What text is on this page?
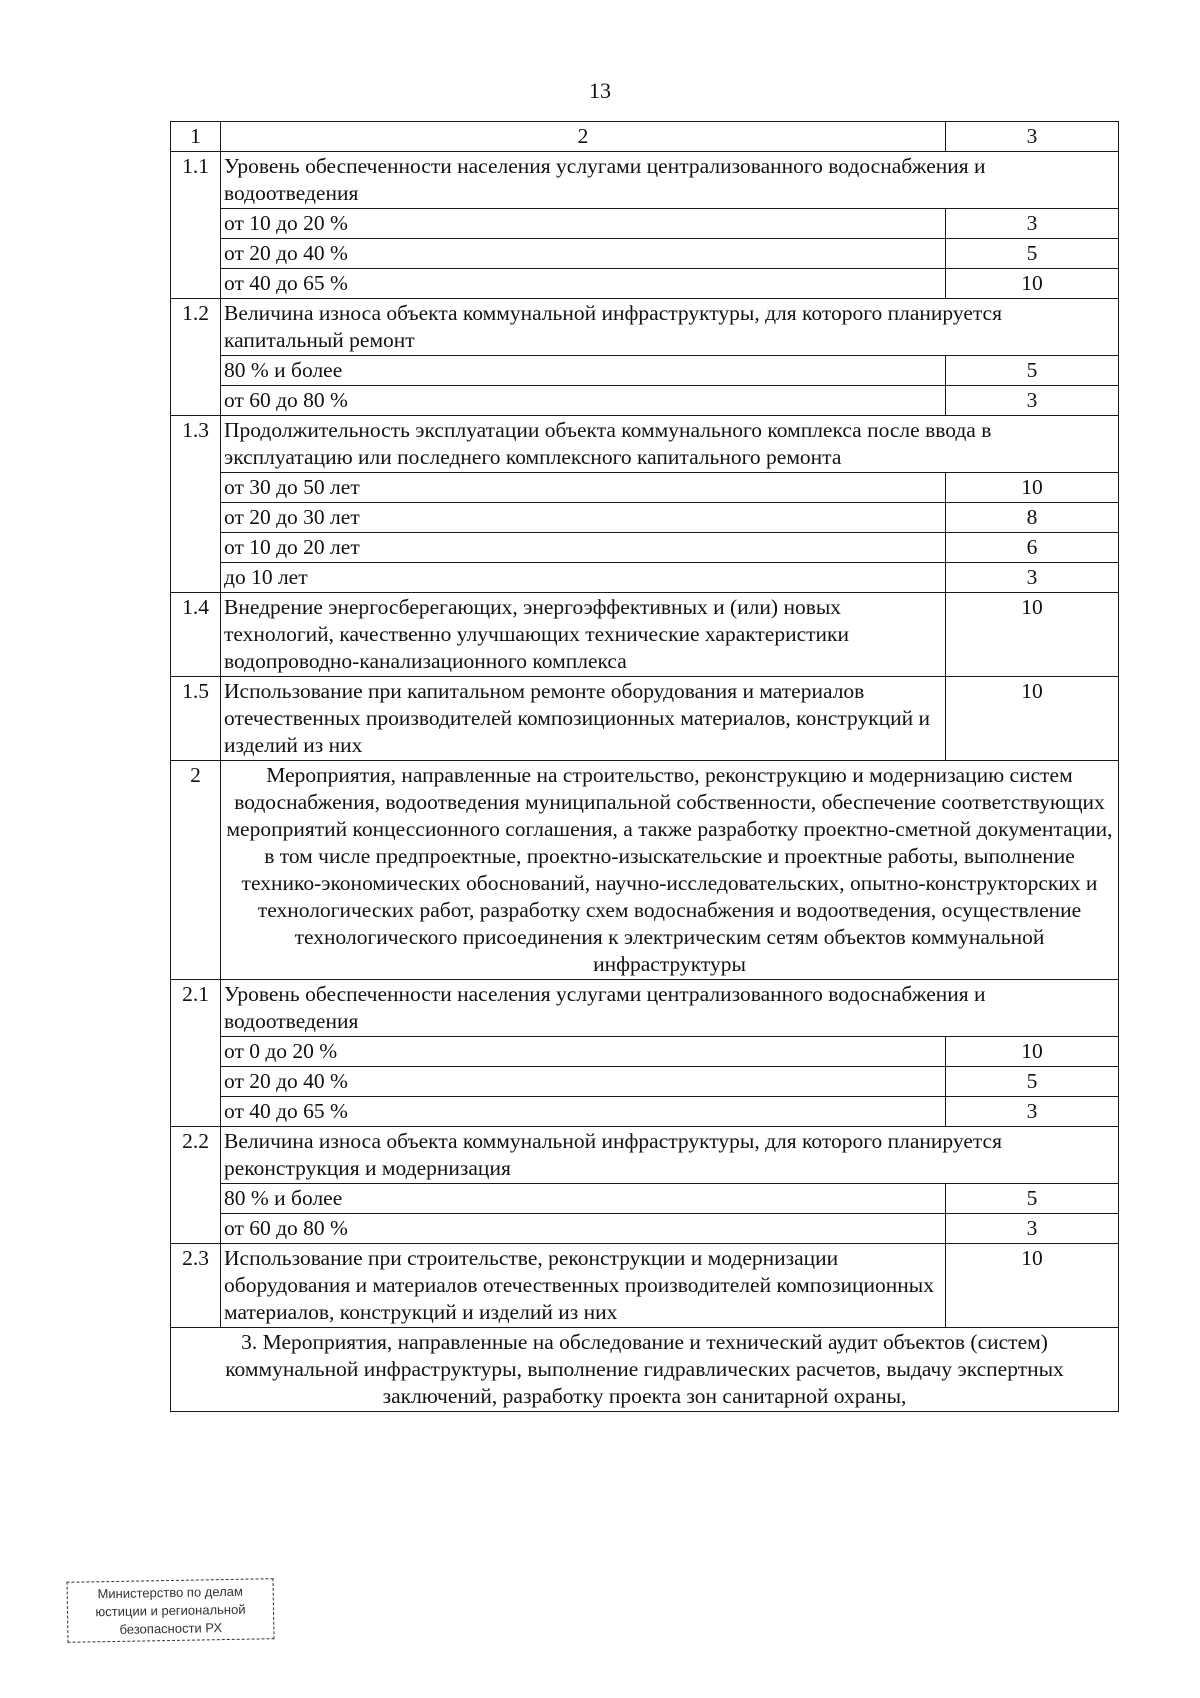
13
1	2	3
1.1	Уровень обеспеченности населения услугами централизованного водоснабжения и водоотведения	
	от 10 до 20 %	3
	от 20 до 40 %	5
	от 40 до 65 %	10
1.2	Величина износа объекта коммунальной инфраструктуры, для которого планируется капитальный ремонт	
	80 % и более	5
	от 60 до 80 %	3
1.3	Продолжительность эксплуатации объекта коммунального комплекса после ввода в эксплуатацию или последнего комплексного капитального ремонта	
	от 30 до 50 лет	10
	от 20 до 30 лет	8
	от 10 до 20 лет	6
	до 10 лет	3
1.4	Внедрение энергосберегающих, энергоэффективных и (или) новых технологий, качественно улучшающих технические характеристики водопроводно-канализационного комплекса	10
1.5	Использование при капитальном ремонте оборудования и материалов отечественных производителей композиционных материалов, конструкций и изделий из них	10
2	Мероприятия, направленные на строительство, реконструкцию и модернизацию систем водоснабжения, водоотведения муниципальной собственности, обеспечение соответствующих мероприятий концессионного соглашения, а также разработку проектно-сметной документации, в том числе предпроектные, проектно-изыскательские и проектные работы, выполнение технико-экономических обоснований, научно-исследовательских, опытно-конструкторских и технологических работ, разработку схем водоснабжения и водоотведения, осуществление технологического присоединения к электрическим сетям объектов коммунальной инфраструктуры	
2.1	Уровень обеспеченности населения услугами централизованного водоснабжения и водоотведения	
	от 0 до 20 %	10
	от 20 до 40 %	5
	от 40 до 65 %	3
2.2	Величина износа объекта коммунальной инфраструктуры, для которого планируется реконструкция и модернизация	
	80 % и более	5
	от 60 до 80 %	3
2.3	Использование при строительстве, реконструкции и модернизации оборудования и материалов отечественных производителей композиционных материалов, конструкций и изделий из них	10
3. Мероприятия, направленные на обследование и технический аудит объектов (систем) коммунальной инфраструктуры, выполнение гидравлических расчетов, выдачу экспертных заключений, разработку проекта зон санитарной охраны,		
Министерство по делам
юстиции и региональной
безопасности РХ
